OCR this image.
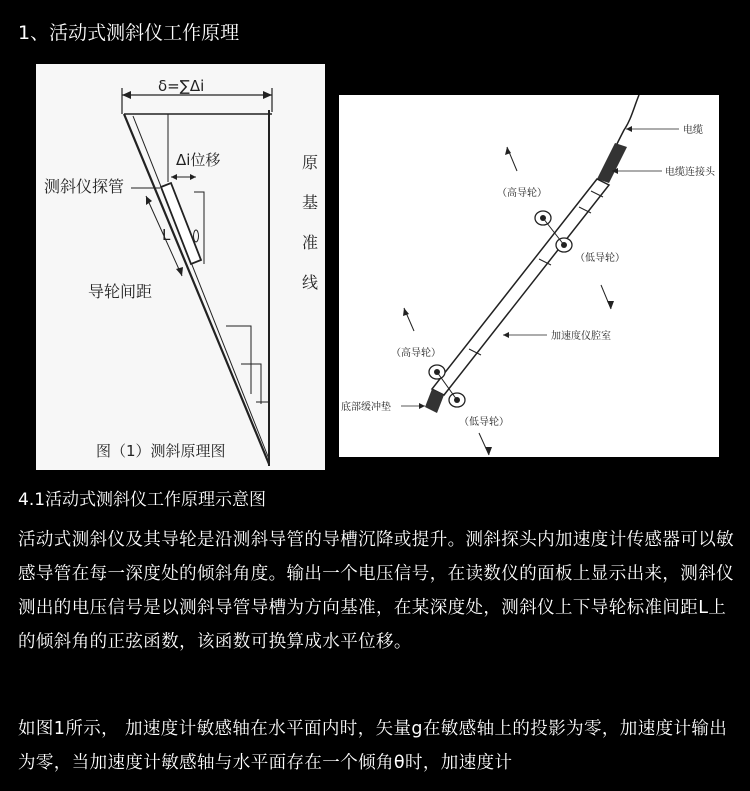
1、活动式测斜仪工作原理
δ=∑Δi
Δi位移
L
测斜仪探管
导轮间距
原
基
准
线
图（1）测斜原理图
电缆
电缆连接头
（高导轮）
（低导轮）
加速度仪腔室
（高导轮）
底部缓冲垫
（低导轮）
4.1活动式测斜仪工作原理示意图
活动式测斜仪及其导轮是沿测斜导管的导槽沉降或提升。测斜探头内加速度计传感器可以敏感导管在每一深度处的倾斜角度。输出一个电压信号，在读数仪的面板上显示出来，测斜仪测出的电压信号是以测斜导管导槽为方向基准，在某深度处，测斜仪上下导轮标准间距L上的倾斜角的正弦函数，该函数可换算成水平位移。
如图1所示， 加速度计敏感轴在水平面内时，矢量g在敏感轴上的投影为零，加速度计输出为零，当加速度计敏感轴与水平面存在一个倾角θ时，加速度计
